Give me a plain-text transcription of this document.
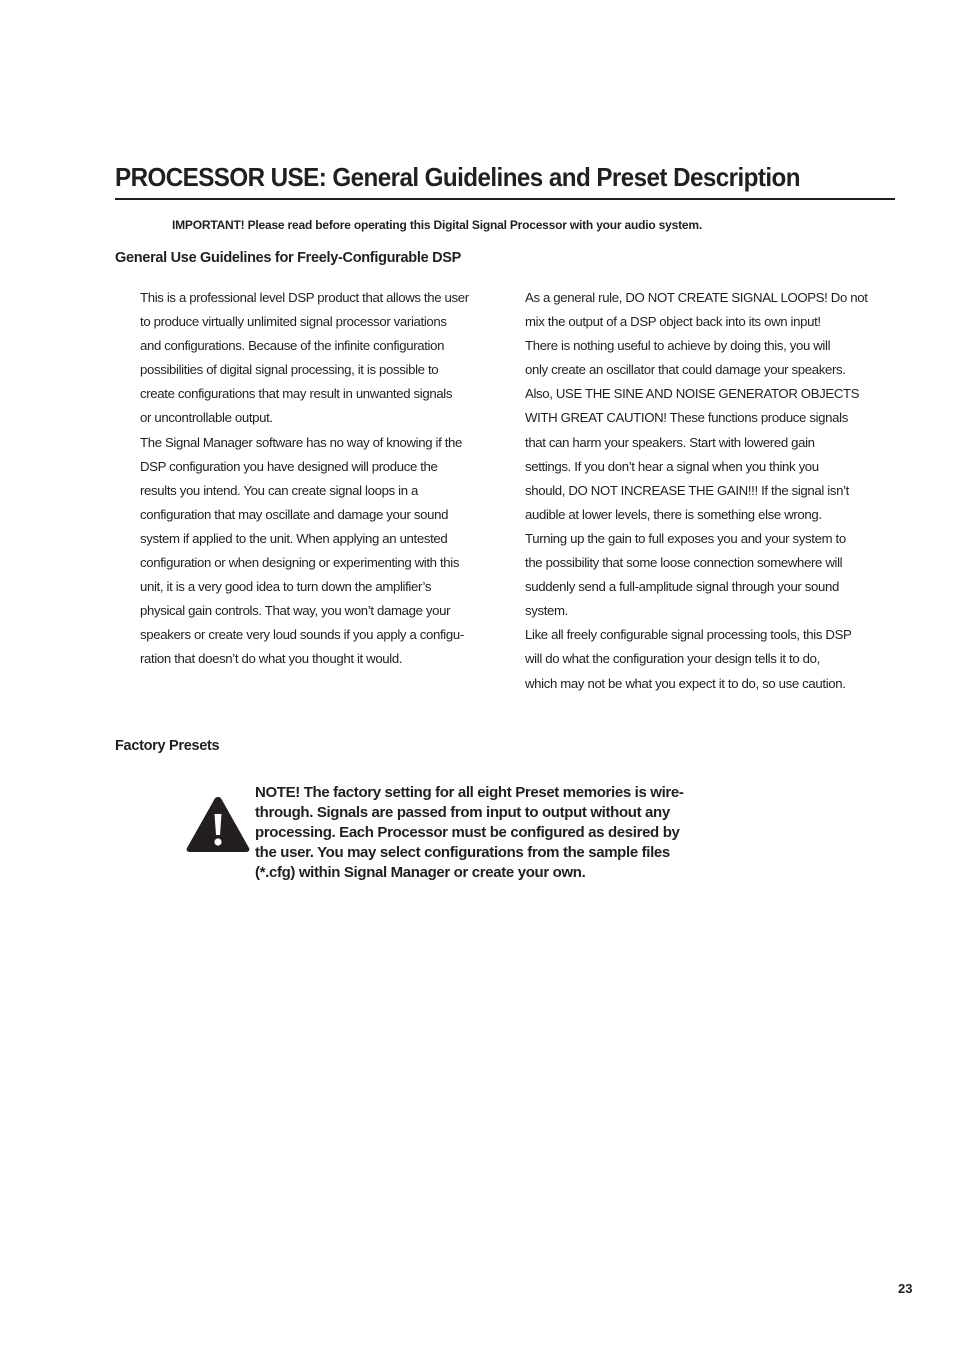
PROCESSOR USE: General Guidelines and Preset Description
IMPORTANT! Please read before operating this Digital Signal Processor with your audio system.
General Use Guidelines for Freely-Configurable DSP

This is a professional level DSP product that allows the user

to produce virtually unlimited signal processor variations

and configurations. Because of the infinite configuration

possibilities of digital signal processing, it is possible to

create configurations that may result in unwanted signals

or uncontrollable output.

The Signal Manager software has no way of knowing if the

DSP configuration you have designed will produce the

results you intend. You can create signal loops in a

configuration that may oscillate and damage your sound

system if applied to the unit. When applying an untested

configuration or when designing or experimenting with this

unit, it is a very good idea to turn down the amplifier’s

physical gain controls. That way, you won’t damage your

speakers or create very loud sounds if you apply a configu-

ration that doesn’t do what you thought it would.

As a general rule, DO NOT CREATE SIGNAL LOOPS! Do not

mix the output of a DSP object back into its own input!

There is nothing useful to achieve by doing this, you will

only create an oscillator that could damage your speakers.

Also, USE THE SINE AND NOISE GENERATOR OBJECTS

WITH GREAT CAUTION! These functions produce signals

that can harm your speakers. Start with lowered gain

settings. If you don’t hear a signal when you think you

should, DO NOT INCREASE THE GAIN!!! If the signal isn’t

audible at lower levels, there is something else wrong.

Turning up the gain to full exposes you and your system to

the possibility that some loose connection somewhere will

suddenly send a full-amplitude signal through your sound

system.

Like all freely configurable signal processing tools, this DSP

will do what the configuration your design tells it to do,

which may not be what you expect it to do, so use caution.

Factory Presets
NOTE! The factory setting for all eight Preset memories is wire-
through. Signals are passed from input to output without any
processing. Each Processor must be configured as desired by
the user. You may select configurations from the sample files
(*.cfg) within Signal Manager or create your own.
23
